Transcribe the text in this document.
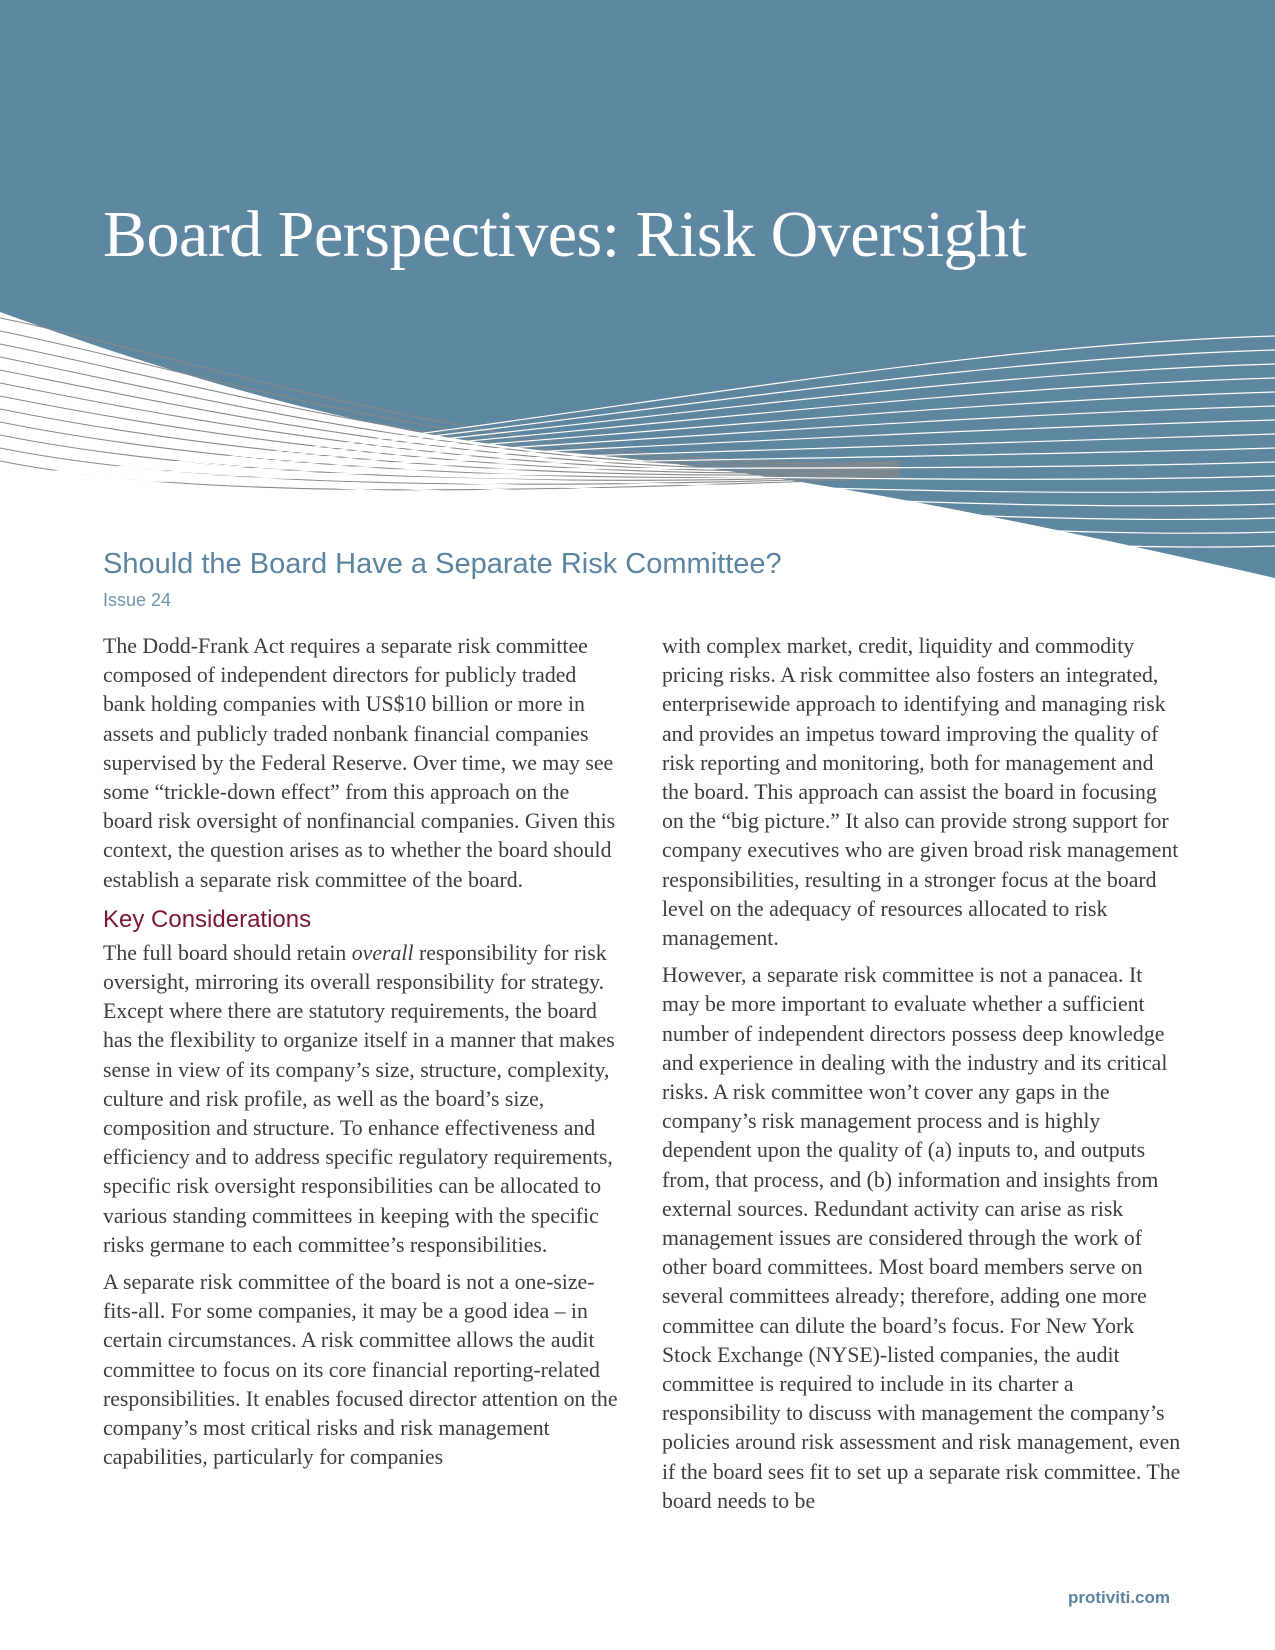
Board Perspectives: Risk Oversight
Should the Board Have a Separate Risk Committee?
Issue 24

The Dodd-Frank Act requires a separate risk committee composed of independent directors for publicly traded bank holding companies with US$10 billion or more in assets and publicly traded nonbank financial companies supervised by the Federal Reserve. Over time, we may see some “trickle-down effect” from this approach on the board risk oversight of nonfinancial companies. Given this context, the question arises as to whether the board should establish a separate risk committee of the board.

Key Considerations

The full board should retain overall responsibility for risk oversight, mirroring its overall responsibility for strategy. Except where there are statutory requirements, the board has the flexibility to organize itself in a manner that makes sense in view of its company’s size, structure, complexity, culture and risk profile, as well as the board’s size, composition and structure. To enhance effectiveness and efficiency and to address specific regulatory requirements, specific risk oversight responsibilities can be allocated to various standing committees in keeping with the specific risks germane to each committee’s responsibilities.

A separate risk committee of the board is not a one-size-fits-all. For some companies, it may be a good idea – in certain circumstances. A risk committee allows the audit committee to focus on its core financial reporting-related responsibilities. It enables focused director attention on the company’s most critical risks and risk management capabilities, particularly for companies

with complex market, credit, liquidity and commodity pricing risks. A risk committee also fosters an integrated, enterprisewide approach to identifying and managing risk and provides an impetus toward improving the quality of risk reporting and monitoring, both for management and the board. This approach can assist the board in focusing on the “big picture.” It also can provide strong support for company executives who are given broad risk management responsibilities, resulting in a stronger focus at the board level on the adequacy of resources allocated to risk management.

However, a separate risk committee is not a panacea. It may be more important to evaluate whether a sufficient number of independent directors possess deep knowledge and experience in dealing with the industry and its critical risks. A risk committee won’t cover any gaps in the company’s risk management process and is highly dependent upon the quality of (a) inputs to, and outputs from, that process, and (b) information and insights from external sources. Redundant activity can arise as risk management issues are considered through the work of other board committees. Most board members serve on several committees already; therefore, adding one more committee can dilute the board’s focus. For New York Stock Exchange (NYSE)-listed companies, the audit committee is required to include in its charter a responsibility to discuss with management the company’s policies around risk assessment and risk management, even if the board sees fit to set up a separate risk committee. The board needs to be

protiviti.com
